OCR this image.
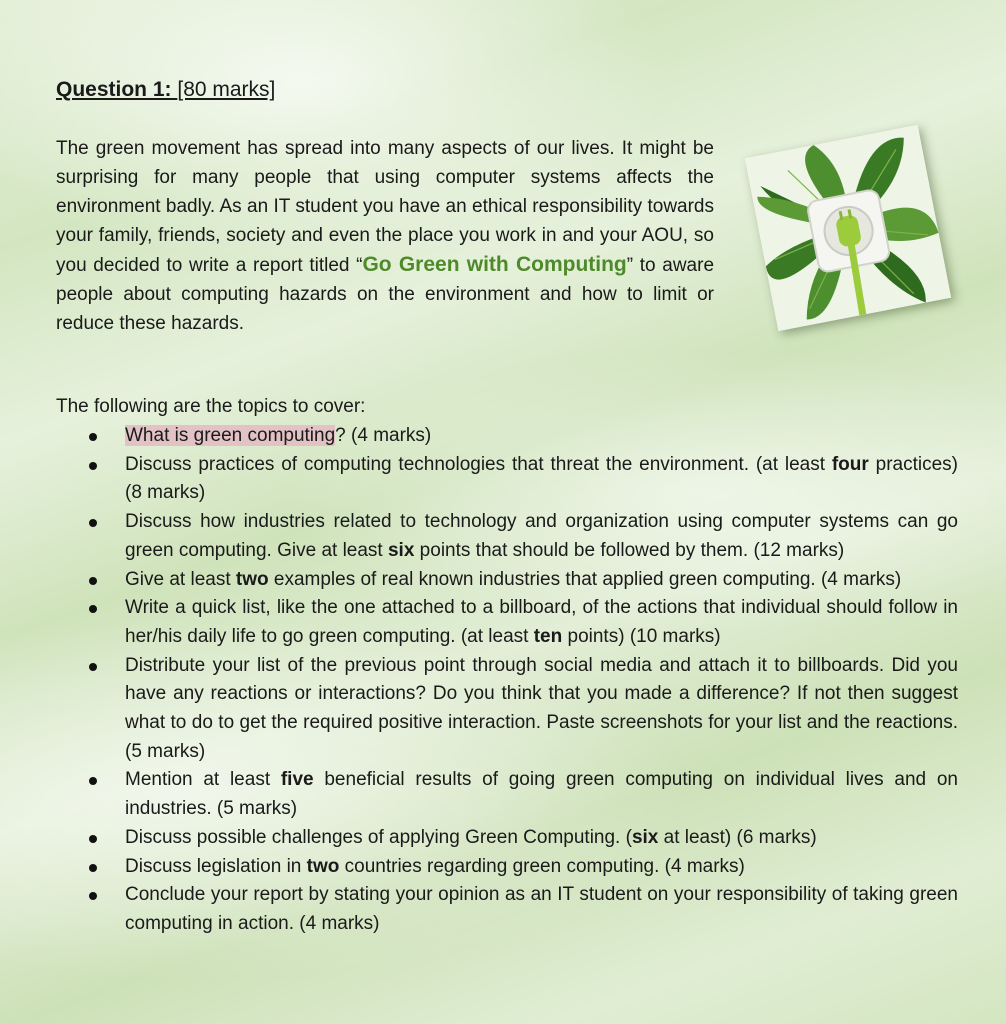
Question 1: [80 marks]

The green movement has spread into many aspects of our lives. It might be surprising for many people that using computer systems affects the environment badly. As an IT student you have an ethical responsibility towards your family, friends, society and even the place you work in and your AOU, so you decided to write a report titled “Go Green with Computing” to aware people about computing hazards on the environment and how to limit or reduce these hazards.

The following are the topics to cover:
What is green computing? (4 marks)
Discuss practices of computing technologies that threat the environment. (at least four practices) (8 marks)
Discuss how industries related to technology and organization using computer systems can go green computing. Give at least six points that should be followed by them. (12 marks)
Give at least two examples of real known industries that applied green computing. (4 marks)
Write a quick list, like the one attached to a billboard, of the actions that individual should follow in her/his daily life to go green computing. (at least ten points) (10 marks)
Distribute your list of the previous point through social media and attach it to billboards. Did you have any reactions or interactions? Do you think that you made a difference? If not then suggest what to do to get the required positive interaction. Paste screenshots for your list and the reactions. (5 marks)
Mention at least five beneficial results of going green computing on individual lives and on industries. (5 marks)
Discuss possible challenges of applying Green Computing. (six at least) (6 marks)
Discuss legislation in two countries regarding green computing. (4 marks)
Conclude your report by stating your opinion as an IT student on your responsibility of taking green computing in action. (4 marks)
